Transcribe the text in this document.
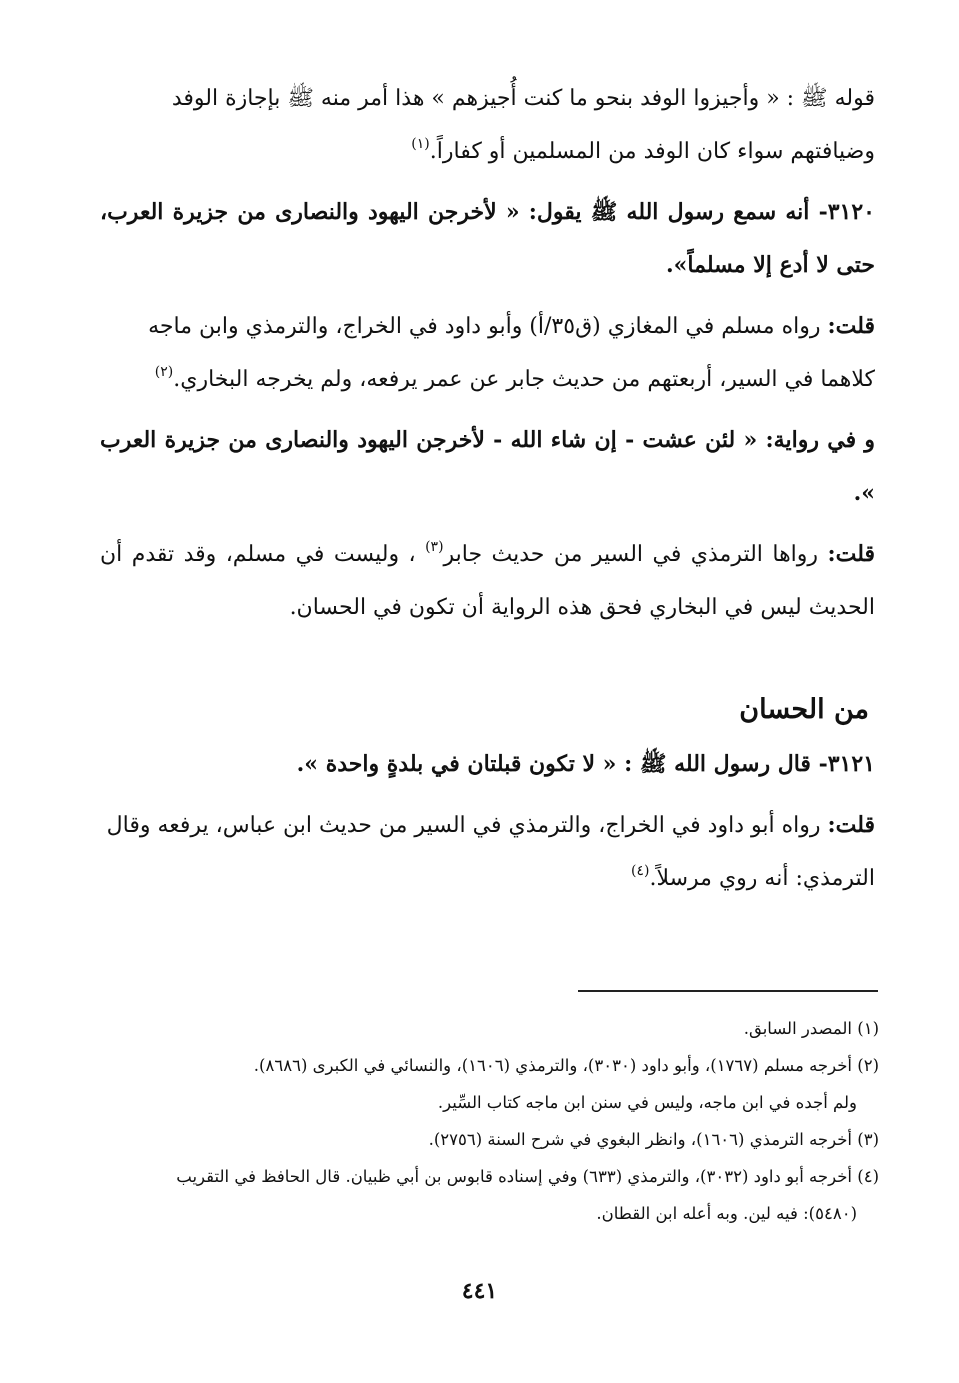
قوله ﷺ : « وأجيزوا الوفد بنحو ما كنت أُجيزهم » هذا أمر منه ﷺ بإجازة الوفد
وضيافتهم سواء كان الوفد من المسلمين أو كفاراً.$^{(١)}$

٣١٢٠- أنه سمع رسول الله ﷺ يقول: « لأخرجن اليهود والنصارى من جزيرة العرب، حتى لا أدع إلا مسلماً».

قلت: رواه مسلم في المغازي (ق٣٥/أ) وأبو داود في الخراج، والترمذي وابن ماجه
كلاهما في السير، أربعتهم من حديث جابر عن عمر يرفعه، ولم يخرجه البخاري.$^{(٢)}$

و في رواية: « لئن عشت - إن شاء الله - لأخرجن اليهود والنصارى من جزيرة العرب ».

قلت: رواها الترمذي في السير من حديث جابر$^{(٣)}$ ، وليست في مسلم، وقد تقدم أن الحديث ليس في البخاري فحق هذه الرواية أن تكون في الحسان.

من الحسان

٣١٢١- قال رسول الله ﷺ : « لا تكون قبلتان في بلدةٍ واحدة ».

قلت: رواه أبو داود في الخراج، والترمذي في السير من حديث ابن عباس، يرفعه وقال
الترمذي: أنه روي مرسلاً.$^{(٤)}$

(١) المصدر السابق.

(٢) أخرجه مسلم (١٧٦٧)، وأبو داود (٣٠٣٠)، والترمذي (١٦٠٦)، والنسائي في الكبرى (٨٦٨٦).

ولم أجده في ابن ماجه، وليس في سنن ابن ماجه كتاب السِّير.

(٣) أخرجه الترمذي (١٦٠٦)، وانظر البغوي في شرح السنة (٢٧٥٦).

(٤) أخرجه أبو داود (٣٠٣٢)، والترمذي (٦٣٣) وفي إسناده قابوس بن أبي ظبيان. قال الحافظ في التقريب

(٥٤٨٠): فيه لين. وبه أعله ابن القطان.

٤٤١
